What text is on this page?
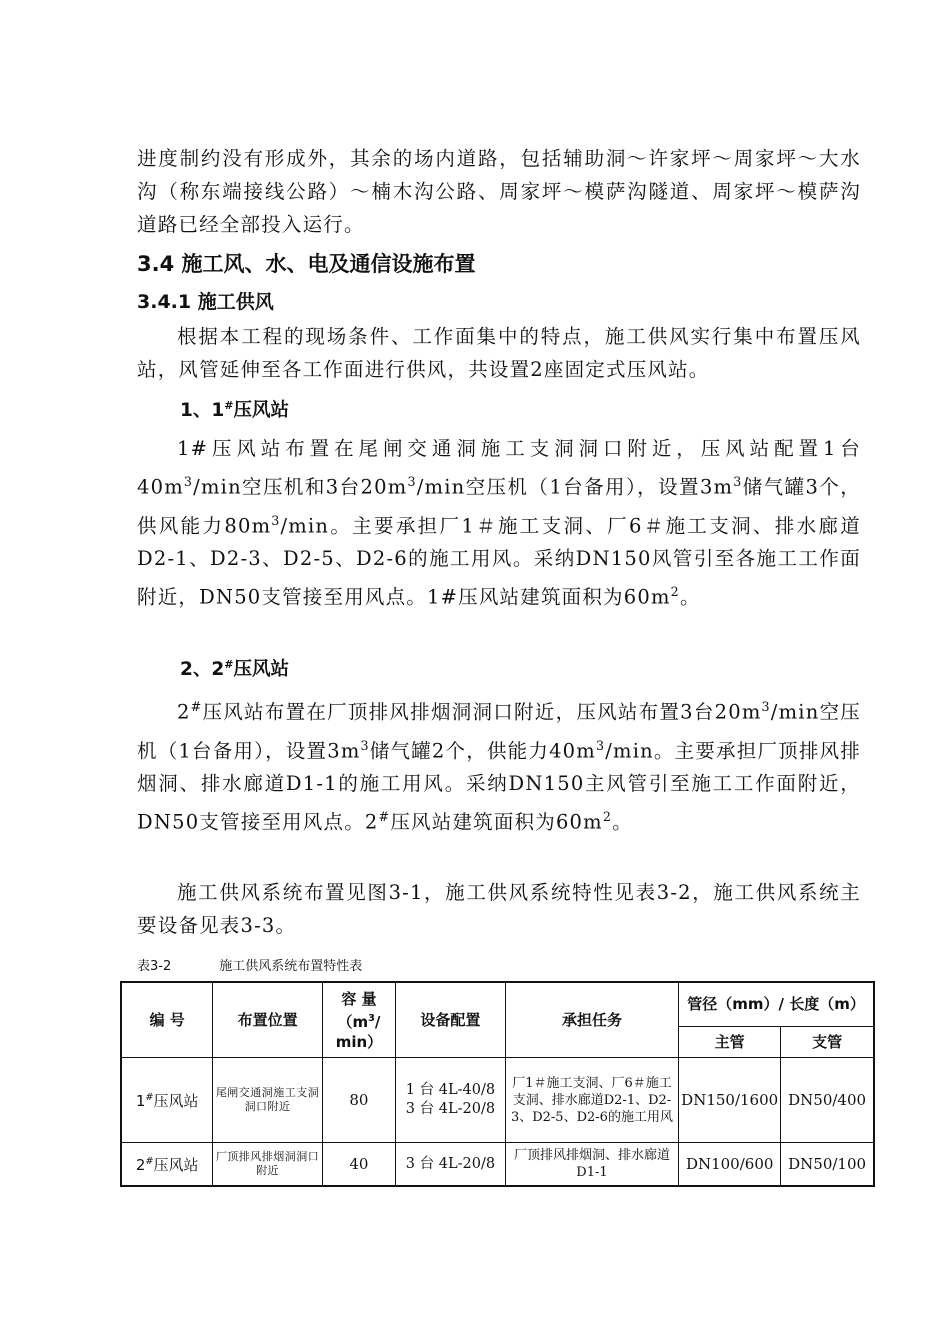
进度制约没有形成外，其余的场内道路，包括辅助洞～许家坪～周家坪～大水沟（称东端接线公路）～楠木沟公路、周家坪～模萨沟隧道、周家坪～模萨沟道路已经全部投入运行。

3.4 施工风、水、电及通信设施布置
3.4.1 施工供风

根据本工程的现场条件、工作面集中的特点，施工供风实行集中布置压风站，风管延伸至各工作面进行供风，共设置2座固定式压风站。

1、1#压风站

1#压风站布置在尾闸交通洞施工支洞洞口附近，压风站配置1台$40m^3/\min$空压机和3台$20m^3/\min$空压机（1台备用），设置$3m^3$储气罐3个，供风能力$80m^3/\min$。主要承担厂1＃施工支洞、厂6＃施工支洞、排水廊道D2-1、D2-3、D2-5、D2-6的施工用风。采纳DN150风管引至各施工工作面附近，DN50支管接至用风点。1#压风站建筑面积为$60m^2$。

2、2#压风站

2#压风站布置在厂顶排风排烟洞洞口附近，压风站布置3台$20m^3/\min$空压机（1台备用），设置$3m^3$储气罐2个，供能力$40m^3/\min$。主要承担厂顶排风排烟洞、排水廊道D1-1的施工用风。采纳DN150主风管引至施工工作面附近，DN50支管接至用风点。2#压风站建筑面积为$60m^2$。

施工供风系统布置见图3-1，施工供风系统特性见表3-2，施工供风系统主要设备见表3-3。

表3-2	施工供风系统布置特性表
编 号	布置位置	容 量（$m^3/$ min）	设备配置	承担任务	管径（mm）/ 长度（m）	
					主管	支管
1#压风站	尾闸交通洞施工支洞洞口附近	80	1 台 4L-40/8
3 台 4L-20/8	厂1＃施工支洞、厂6＃施工支洞、排水廊道D2-1、D2-3、D2-5、D2-6的施工用风	DN150/1600	DN50/400
2#压风站	厂顶排风排烟洞洞口附近	40	3 台 4L-20/8	厂顶排风排烟洞、排水廊道D1-1	DN100/600	DN50/100
